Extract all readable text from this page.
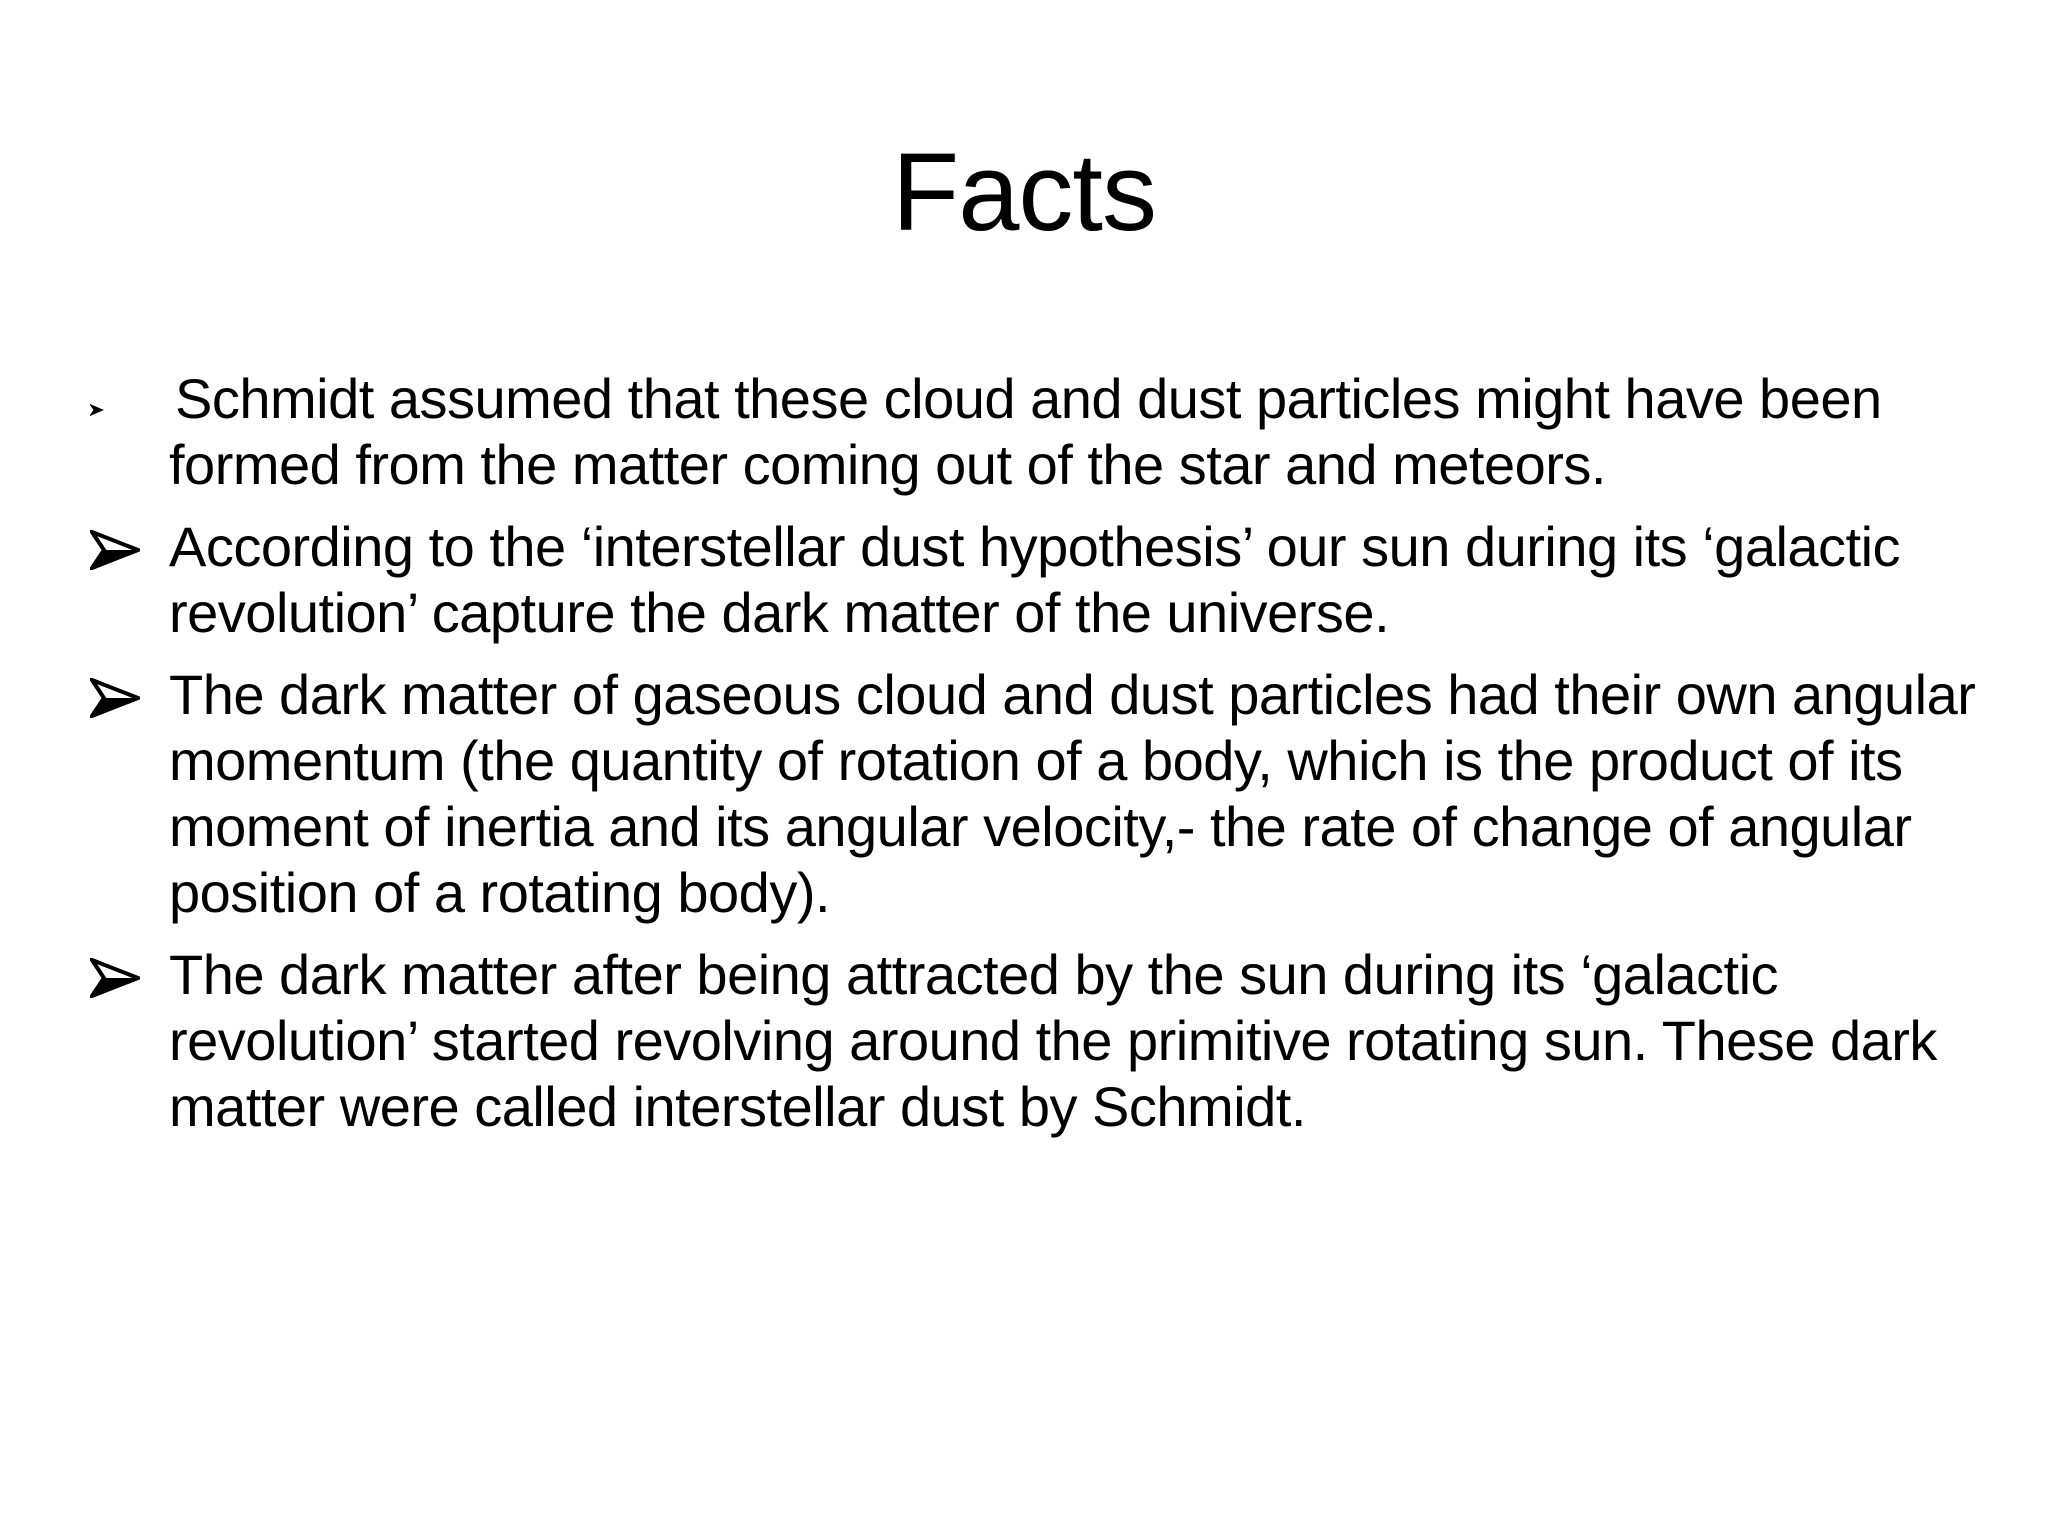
Facts
Schmidt assumed that these cloud and dust particles might have been formed from the matter coming out of the star and meteors.
According to the ‘interstellar dust hypothesis’ our sun during its ‘galactic revolution’ capture the dark matter of the universe.
The dark matter of gaseous cloud and dust particles had their own angular momentum (the quantity of rotation of a body, which is the product of its moment of inertia and its angular velocity,- the rate of change of angular position of a rotating body).
The dark matter after being attracted by the sun during its ‘galactic revolution’ started revolving around the primitive rotating sun. These dark matter were called interstellar dust by Schmidt.
